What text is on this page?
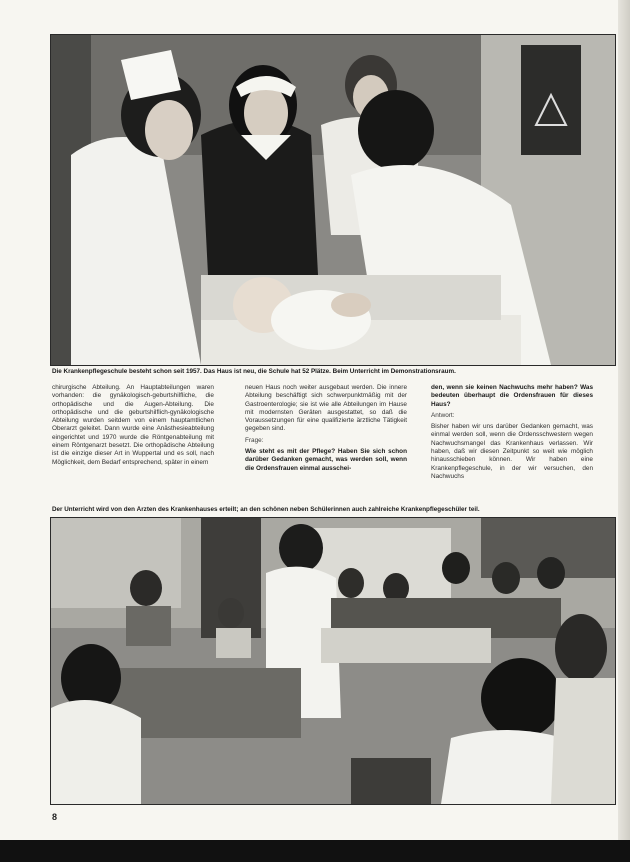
Die Krankenpflegeschule besteht schon seit 1957. Das Haus ist neu, die Schule hat 52 Plätze. Beim Unterricht im Demonstrationsraum.

chirurgische Abteilung. An Hauptabteilungen waren vorhanden: die gynäkologisch-geburtshilfliche, die orthopädische und die Augen-Abteilung. Die orthopädische und die geburtshilflich-gynäkologische Abteilung wurden seitdem von einem hauptamtlichen Oberarzt geleitet. Dann wurde eine Anästhesieabteilung eingerichtet und 1970 wurde die Röntgenabteilung mit einem Röntgenarzt besetzt. Die orthopädische Abteilung ist die einzige dieser Art in Wuppertal und es soll, nach Möglichkeit, dem Bedarf entsprechend, später in einem

neuen Haus noch weiter ausgebaut werden. Die innere Abteilung beschäftigt sich schwerpunktmäßig mit der Gastroenterologie; sie ist wie alle Abteilungen im Hause mit modernsten Geräten ausgestattet, so daß die Voraussetzungen für eine qualifizierte ärztliche Tätigkeit gegeben sind.

Frage:

Wie steht es mit der Pflege? Haben Sie sich schon darüber Gedanken gemacht, was werden soll, wenn die Ordensfrauen einmal ausschei-

den, wenn sie keinen Nachwuchs mehr haben? Was bedeuten überhaupt die Ordensfrauen für dieses Haus?

Antwort:

Bisher haben wir uns darüber Gedanken gemacht, was einmal werden soll, wenn die Ordensschwestern wegen Nachwuchsmangel das Krankenhaus verlassen. Wir haben, daß wir diesen Zeitpunkt so weit wie möglich hinausschieben können. Wir haben eine Krankenpflegeschule, in der wir versuchen, den Nachwuchs

Der Unterricht wird von den Ärzten des Krankenhauses erteilt; an den schönen neben Schülerinnen auch zahlreiche Krankenpflegeschüler teil.
8
